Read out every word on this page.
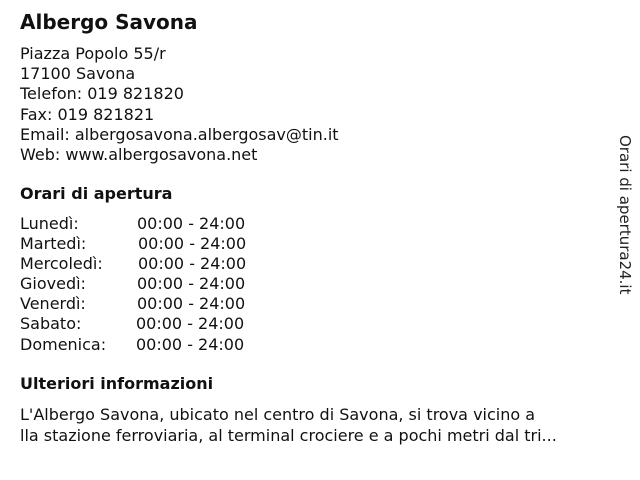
Albergo Savona
Piazza Popolo 55/r
17100 Savona
Telefon: 019 821820
Fax: 019 821821
Email: albergosavona.albergosav@tin.it
Web: www.albergosavona.net
Orari di apertura
Lunedì:	00:00 - 24:00
Martedì:	00:00 - 24:00
Mercoledì: 00:00 - 24:00
Giovedì:	00:00 - 24:00
Venerdì:	00:00 - 24:00
Sabato:	00:00 - 24:00
Domenica: 00:00 - 24:00
Ulteriori informazioni
L'Albergo Savona, ubicato nel centro di Savona, si trova vicino a
lla stazione ferroviaria, al terminal crociere e a pochi metri dal tri...
Orari di apertura24.it
